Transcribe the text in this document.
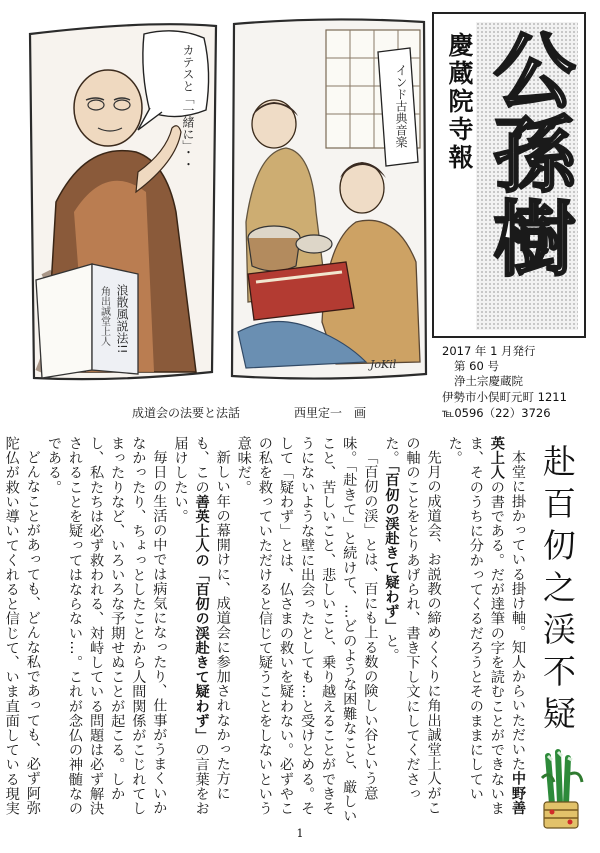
カテスと「一緒に」・・
浪散風説法!!
角出誠堂上人
インド古典音楽
JoKil
慶蔵院寺報 公孫樹
2017 年 1 月発行
第 60 号
浄土宗慶蔵院
伊勢市小俣町元町 1211
℡0596（22）3726
成道会の法要と法話	西里定一　画
赴百仞之渓不疑

本堂に掛かっている掛け軸。知人からいただいた中野善英上人の書である。だが達筆の字を読むことができないまま、そのうちに分かってくるだろうとそのままにしていた。

先月の成道会、お説教の締めくくりに角出誠堂上人がこの軸のことをとりあげられ、書き下し文にしてくださった。「百仞の渓赴きて疑わず」と。

「百仞の渓」とは、百にも上る数の険しい谷という意味。「赴きて」と続けて、…どのような困難なこと、厳しいこと、苦しいこと、悲しいこと、乗り越えることができそうにないような壁に出会ったとしても…と受けとめる。そして「疑わず」とは、仏さまの救いを疑わない。必ずやこの私を救っていただけると信じて疑うことをしないという意味だ。

新しい年の幕開けに、成道会に参加されなかった方にも、この善英上人の「百仞の渓赴きて疑わず」の言葉をお届けしたい。

毎日の生活の中では病気になったり、仕事がうまくいかなかったり、ちょっとしたことから人間関係がこじれてしまったりなど、いろいろな予期せぬことが起こる。しかし、私たちは必ず救われる、対峙している問題は必ず解決されることを疑ってはならない…。これが念仏の神髄なのである。

どんなことがあっても、どんな私であっても、必ず阿弥陀仏が救い導いてくれると信じて、いま直面している現実

1
